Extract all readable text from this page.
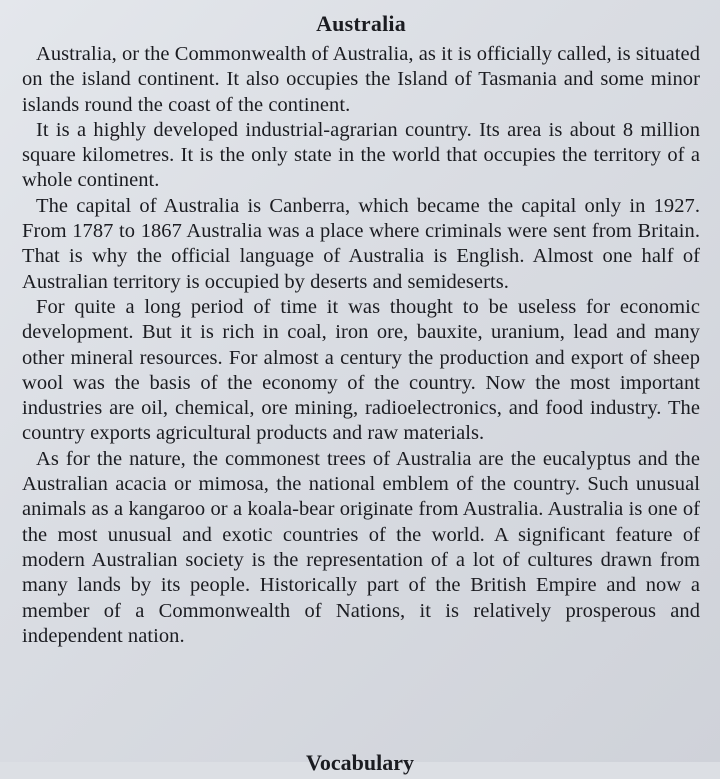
Australia

Australia, or the Commonwealth of Australia, as it is officially called, is situated on the island continent. It also occupies the Island of Tasmania and some minor islands round the coast of the continent.

It is a highly developed industrial-agrarian country. Its area is about 8 million square kilometres. It is the only state in the world that occupies the territory of a whole continent.

The capital of Australia is Canberra, which became the capital only in 1927. From 1787 to 1867 Australia was a place where criminals were sent from Britain. That is why the official language of Australia is English. Almost one half of Australian territory is occupied by deserts and semideserts.

For quite a long period of time it was thought to be useless for economic development. But it is rich in coal, iron ore, bauxite, uranium, lead and many other mineral resources. For almost a century the production and export of sheep wool was the basis of the economy of the country. Now the most important industries are oil, chemical, ore mining, radioelectronics, and food industry. The country exports agricultural products and raw materials.

As for the nature, the commonest trees of Australia are the eucalyptus and the Australian acacia or mimosa, the national emblem of the country. Such unusual animals as a kangaroo or a koala-bear originate from Australia. Australia is one of the most unusual and exotic countries of the world. A significant feature of modern Australian society is the representation of a lot of cultures drawn from many lands by its people. Historically part of the British Empire and now a member of a Commonwealth of Nations, it is relatively prosperous and independent nation.

Vocabulary
